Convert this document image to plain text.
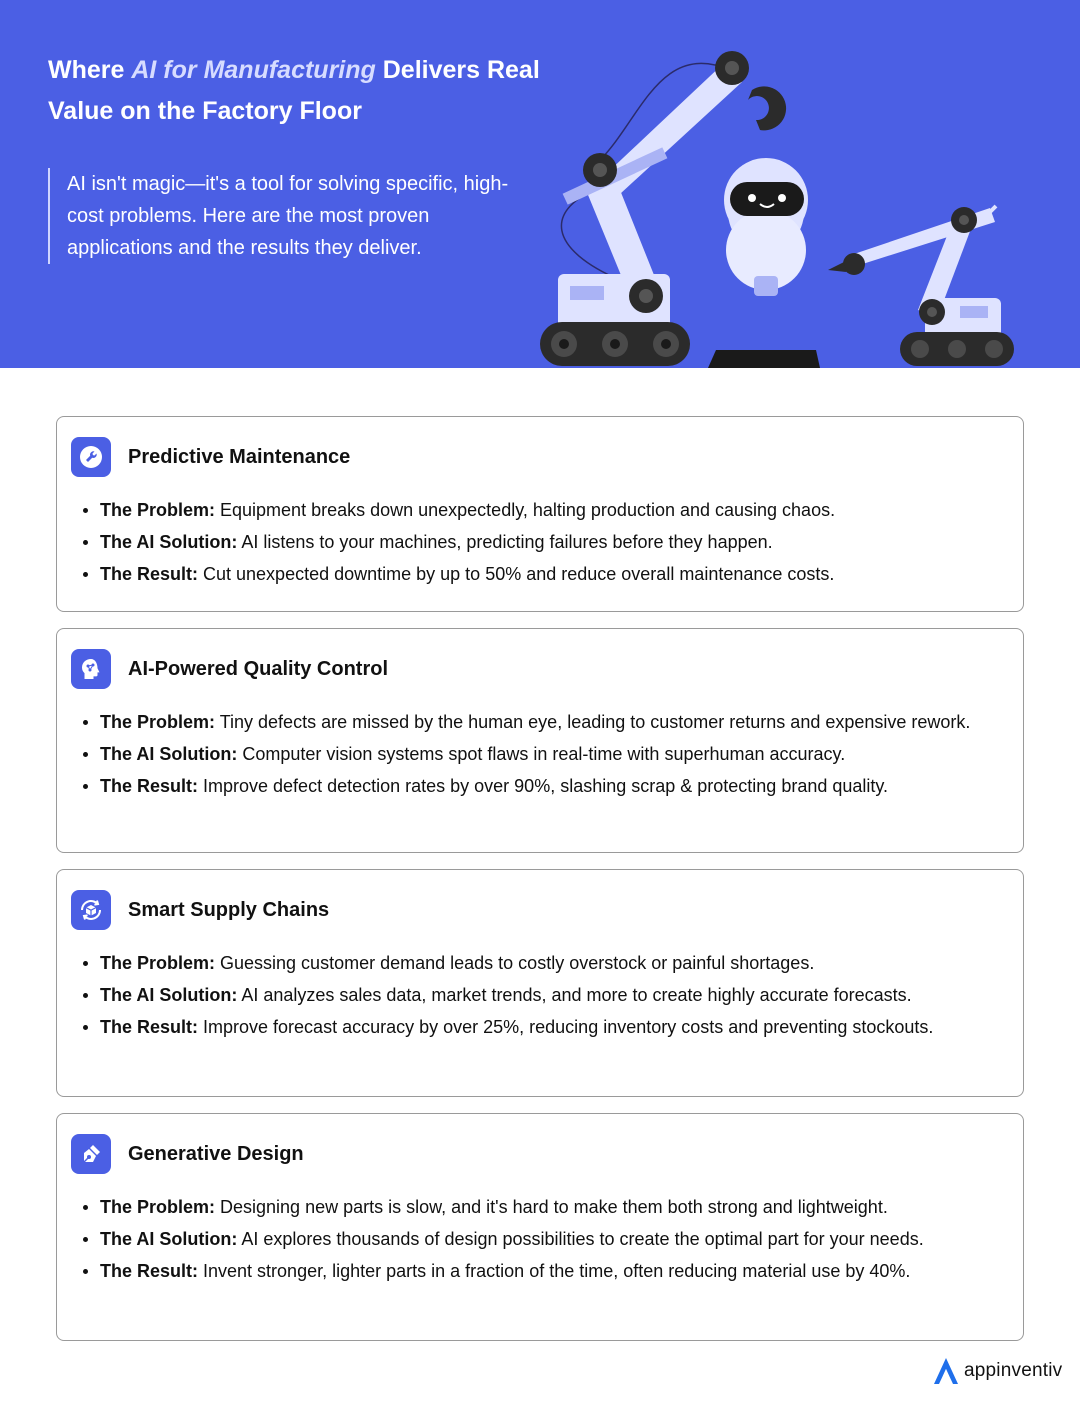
Where AI for Manufacturing Delivers Real Value on the Factory Floor

AI isn't magic—it's a tool for solving specific, high-cost problems. Here are the most proven applications and the results they deliver.

Predictive Maintenance
The Problem: Equipment breaks down unexpectedly, halting production and causing chaos.
The AI Solution: AI listens to your machines, predicting failures before they happen.
The Result: Cut unexpected downtime by up to 50% and reduce overall maintenance costs.
AI-Powered Quality Control
The Problem: Tiny defects are missed by the human eye, leading to customer returns and expensive rework.
The AI Solution: Computer vision systems spot flaws in real-time with superhuman accuracy.
The Result: Improve defect detection rates by over 90%, slashing scrap & protecting brand quality.
Smart Supply Chains
The Problem: Guessing customer demand leads to costly overstock or painful shortages.
The AI Solution: AI analyzes sales data, market trends, and more to create highly accurate forecasts.
The Result: Improve forecast accuracy by over 25%, reducing inventory costs and preventing stockouts.
Generative Design
The Problem: Designing new parts is slow, and it's hard to make them both strong and lightweight.
The AI Solution: AI explores thousands of design possibilities to create the optimal part for your needs.
The Result: Invent stronger, lighter parts in a fraction of the time, often reducing material use by 40%.
appinventiv
